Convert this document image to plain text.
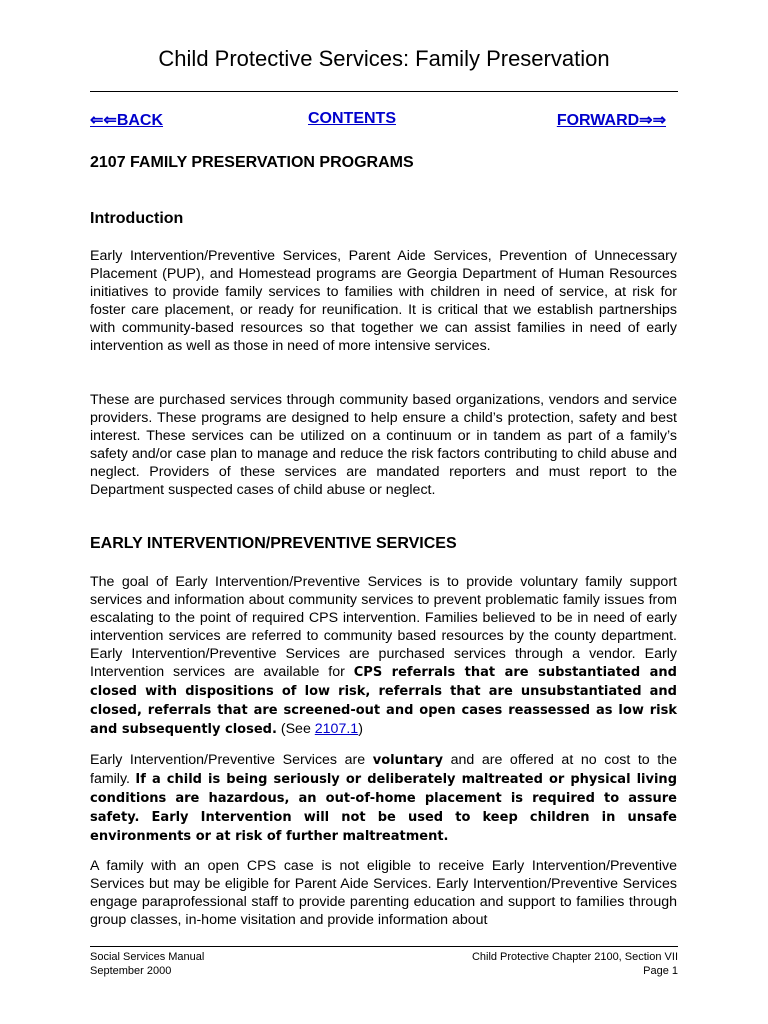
Child Protective Services: Family Preservation
⇐⇐BACK	CONTENTS	FORWARD⇒⇒
2107 FAMILY PRESERVATION PROGRAMS
Introduction

Early Intervention/Preventive Services, Parent Aide Services, Prevention of Unnecessary Placement (PUP), and Homestead programs are Georgia Department of Human Resources initiatives to provide family services to families with children in need of service, at risk for foster care placement, or ready for reunification. It is critical that we establish partnerships with community-based resources so that together we can assist families in need of early intervention as well as those in need of more intensive services.

These are purchased services through community based organizations, vendors and service providers. These programs are designed to help ensure a child’s protection, safety and best interest. These services can be utilized on a continuum or in tandem as part of a family’s safety and/or case plan to manage and reduce the risk factors contributing to child abuse and neglect. Providers of these services are mandated reporters and must report to the Department suspected cases of child abuse or neglect.

EARLY INTERVENTION/PREVENTIVE SERVICES

The goal of Early Intervention/Preventive Services is to provide voluntary family support services and information about community services to prevent problematic family issues from escalating to the point of required CPS intervention. Families believed to be in need of early intervention services are referred to community based resources by the county department. Early Intervention/Preventive Services are purchased services through a vendor. Early Intervention services are available for CPS referrals that are substantiated and closed with dispositions of low risk, referrals that are unsubstantiated and closed, referrals that are screened-out and open cases reassessed as low risk and subsequently closed. (See 2107.1)

Early Intervention/Preventive Services are voluntary and are offered at no cost to the family. If a child is being seriously or deliberately maltreated or physical living conditions are hazardous, an out-of-home placement is required to assure safety. Early Intervention will not be used to keep children in unsafe environments or at risk of further maltreatment.

A family with an open CPS case is not eligible to receive Early Intervention/Preventive Services but may be eligible for Parent Aide Services. Early Intervention/Preventive Services engage paraprofessional staff to provide parenting education and support to families through group classes, in-home visitation and provide information about

Social Services Manual
September 2000
Child Protective Chapter 2100, Section VII
Page 1
